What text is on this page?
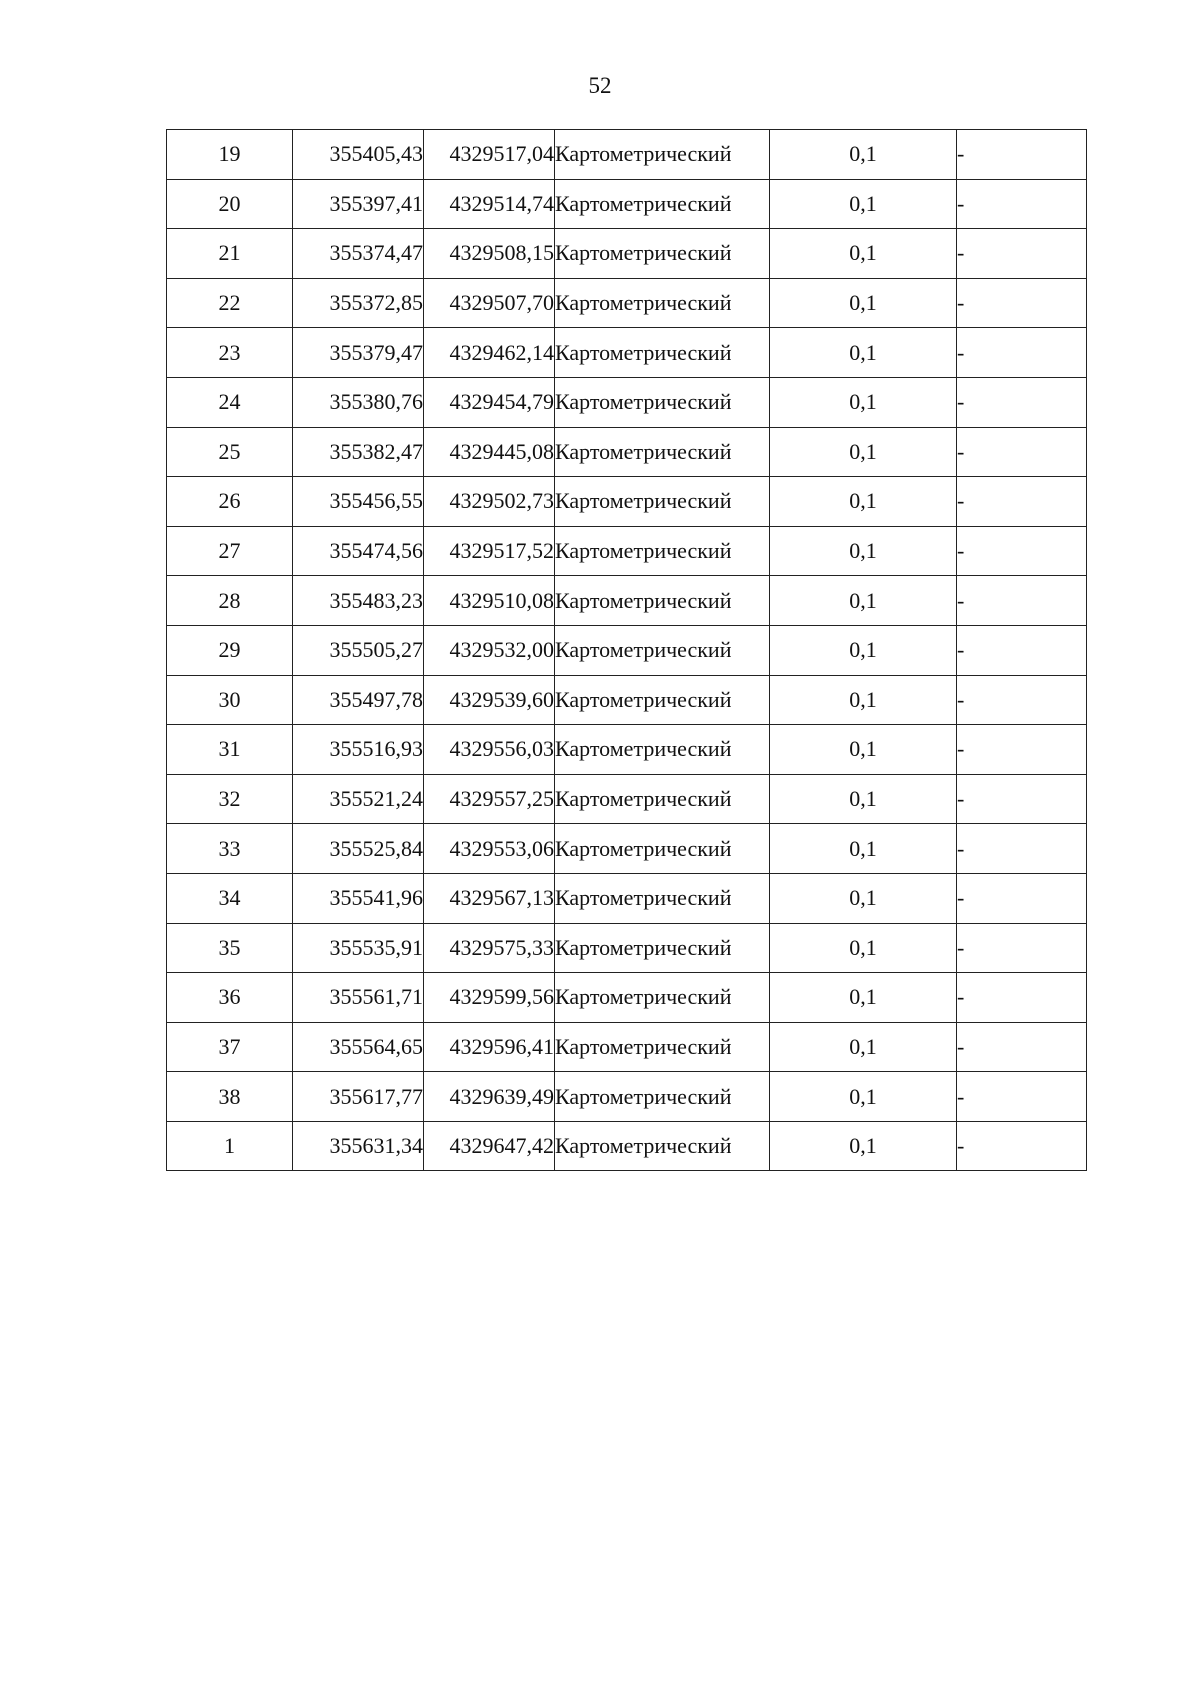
52
19	355405,43	4329517,04	Картометрический	0,1	-
20	355397,41	4329514,74	Картометрический	0,1	-
21	355374,47	4329508,15	Картометрический	0,1	-
22	355372,85	4329507,70	Картометрический	0,1	-
23	355379,47	4329462,14	Картометрический	0,1	-
24	355380,76	4329454,79	Картометрический	0,1	-
25	355382,47	4329445,08	Картометрический	0,1	-
26	355456,55	4329502,73	Картометрический	0,1	-
27	355474,56	4329517,52	Картометрический	0,1	-
28	355483,23	4329510,08	Картометрический	0,1	-
29	355505,27	4329532,00	Картометрический	0,1	-
30	355497,78	4329539,60	Картометрический	0,1	-
31	355516,93	4329556,03	Картометрический	0,1	-
32	355521,24	4329557,25	Картометрический	0,1	-
33	355525,84	4329553,06	Картометрический	0,1	-
34	355541,96	4329567,13	Картометрический	0,1	-
35	355535,91	4329575,33	Картометрический	0,1	-
36	355561,71	4329599,56	Картометрический	0,1	-
37	355564,65	4329596,41	Картометрический	0,1	-
38	355617,77	4329639,49	Картометрический	0,1	-
1	355631,34	4329647,42	Картометрический	0,1	-
